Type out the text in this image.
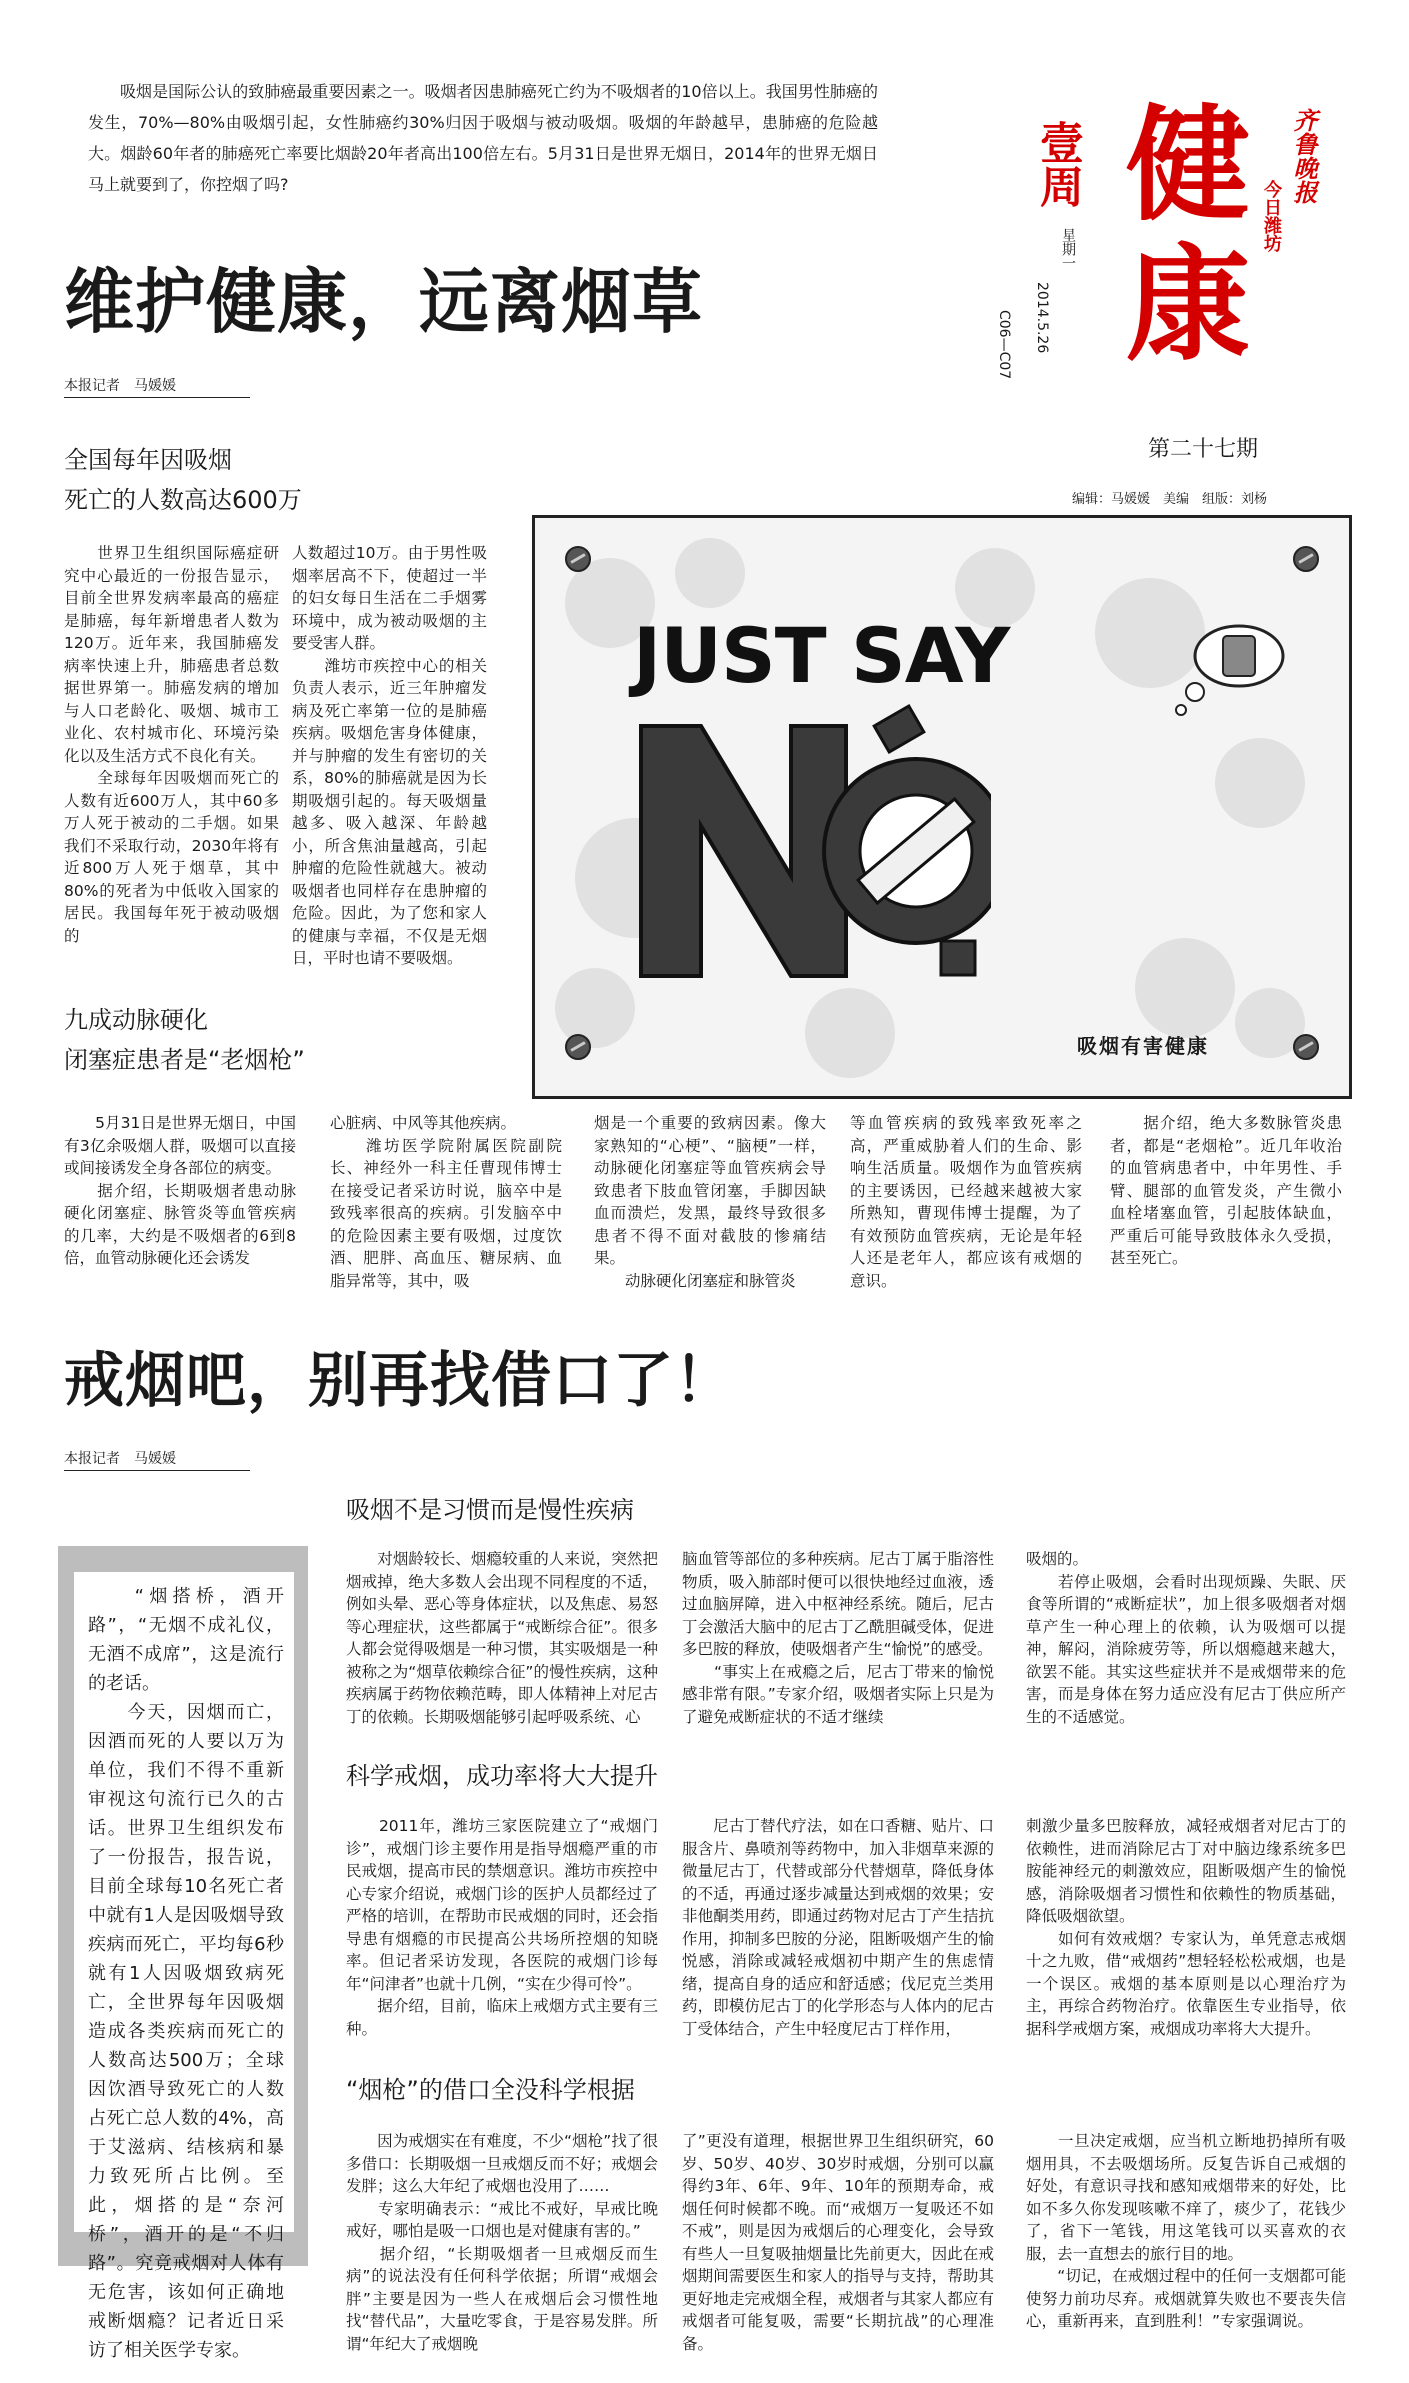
吸烟是国际公认的致肺癌最重要因素之一。吸烟者因患肺癌死亡约为不吸烟者的10倍以上。我国男性肺癌的发生，70%—80%由吸烟引起，女性肺癌约30%归因于吸烟与被动吸烟。吸烟的年龄越早，患肺癌的危险越大。烟龄60年者的肺癌死亡率要比烟龄20年者高出100倍左右。5月31日是世界无烟日，2014年的世界无烟日马上就要到了，你控烟了吗?	壹周
星期一
2014.5.26
C06—C07
健康
齐鲁晚报
今日潍坊
第二十七期
编辑：马媛媛　美编　组版：刘杨
维护健康，远离烟草
本报记者　马媛媛
全国每年因吸烟
死亡的人数高达600万
　　世界卫生组织国际癌症研究中心最近的一份报告显示，目前全世界发病率最高的癌症是肺癌，每年新增患者人数为120万。近年来，我国肺癌发病率快速上升，肺癌患者总数据世界第一。肺癌发病的增加与人口老龄化、吸烟、城市工业化、农村城市化、环境污染化以及生活方式不良化有关。
　　全球每年因吸烟而死亡的人数有近600万人，其中60多万人死于被动的二手烟。如果我们不采取行动，2030年将有近800万人死于烟草，其中80%的死者为中低收入国家的居民。我国每年死于被动吸烟的
人数超过10万。由于男性吸烟率居高不下，使超过一半的妇女每日生活在二手烟雾环境中，成为被动吸烟的主要受害人群。
　　潍坊市疾控中心的相关负责人表示，近三年肿瘤发病及死亡率第一位的是肺癌疾病。吸烟危害身体健康，并与肿瘤的发生有密切的关系，80%的肺癌就是因为长期吸烟引起的。每天吸烟量越多、吸入越深、年龄越小，所含焦油量越高，引起肿瘤的危险性就越大。被动吸烟者也同样存在患肿瘤的危险。因此，为了您和家人的健康与幸福，不仅是无烟日，平时也请不要吸烟。
九成动脉硬化
闭塞症患者是“老烟枪”
　　5月31日是世界无烟日，中国有3亿余吸烟人群，吸烟可以直接或间接诱发全身各部位的病变。
　　据介绍，长期吸烟者患动脉硬化闭塞症、脉管炎等血管疾病的几率，大约是不吸烟者的6到8倍，血管动脉硬化还会诱发
心脏病、中风等其他疾病。
　　潍坊医学院附属医院副院长、神经外一科主任曹现伟博士在接受记者采访时说，脑卒中是致残率很高的疾病。引发脑卒中的危险因素主要有吸烟，过度饮酒、肥胖、高血压、糖尿病、血脂异常等，其中，吸
烟是一个重要的致病因素。像大家熟知的“心梗”、“脑梗”一样，动脉硬化闭塞症等血管疾病会导致患者下肢血管闭塞，手脚因缺血而溃烂，发黑，最终导致很多患者不得不面对截肢的惨痛结果。
　　动脉硬化闭塞症和脉管炎
等血管疾病的致残率致死率之高，严重威胁着人们的生命、影响生活质量。吸烟作为血管疾病的主要诱因，已经越来越被大家所熟知，曹现伟博士提醒，为了有效预防血管疾病，无论是年轻人还是老年人，都应该有戒烟的意识。
　　据介绍，绝大多数脉管炎患者，都是“老烟枪”。近几年收治的血管病患者中，中年男性、手臂、腿部的血管发炎，产生微小血栓堵塞血管，引起肢体缺血，严重后可能导致肢体永久受损，甚至死亡。
JUST SAY
吸烟有害健康
戒烟吧，别再找借口了！
本报记者　马媛媛
　　“烟搭桥，酒开路”，“无烟不成礼仪，无酒不成席”，这是流行的老话。
　　今天，因烟而亡，因酒而死的人要以万为单位，我们不得不重新审视这句流行已久的古话。世界卫生组织发布了一份报告，报告说，目前全球每10名死亡者中就有1人是因吸烟导致疾病而死亡，平均每6秒就有1人因吸烟致病死亡，全世界每年因吸烟造成各类疾病而死亡的人数高达500万；全球因饮酒导致死亡的人数占死亡总人数的4%，高于艾滋病、结核病和暴力致死所占比例。至此，烟搭的是“奈河桥”，酒开的是“不归路”。究竟戒烟对人体有无危害，该如何正确地戒断烟瘾？记者近日采访了相关医学专家。
吸烟不是习惯而是慢性疾病
　　对烟龄较长、烟瘾较重的人来说，突然把烟戒掉，绝大多数人会出现不同程度的不适，例如头晕、恶心等身体症状，以及焦虑、易怒等心理症状，这些都属于“戒断综合征”。很多人都会觉得吸烟是一种习惯，其实吸烟是一种被称之为“烟草依赖综合征”的慢性疾病，这种疾病属于药物依赖范畴，即人体精神上对尼古丁的依赖。长期吸烟能够引起呼吸系统、心
脑血管等部位的多种疾病。尼古丁属于脂溶性物质，吸入肺部时便可以很快地经过血液，透过血脑屏障，进入中枢神经系统。随后，尼古丁会激活大脑中的尼古丁乙酰胆碱受体，促进多巴胺的释放，使吸烟者产生“愉悦”的感受。
　　“事实上在戒瘾之后，尼古丁带来的愉悦感非常有限。”专家介绍，吸烟者实际上只是为了避免戒断症状的不适才继续
吸烟的。
　　若停止吸烟，会看时出现烦躁、失眠、厌食等所谓的“戒断症状”，加上很多吸烟者对烟草产生一种心理上的依赖，认为吸烟可以提神，解闷，消除疲劳等，所以烟瘾越来越大，欲罢不能。其实这些症状并不是戒烟带来的危害，而是身体在努力适应没有尼古丁供应所产生的不适感觉。
科学戒烟，成功率将大大提升
　　2011年，潍坊三家医院建立了“戒烟门诊”，戒烟门诊主要作用是指导烟瘾严重的市民戒烟，提高市民的禁烟意识。潍坊市疾控中心专家介绍说，戒烟门诊的医护人员都经过了严格的培训，在帮助市民戒烟的同时，还会指导患有烟瘾的市民提高公共场所控烟的知晓率。但记者采访发现，各医院的戒烟门诊每年“问津者”也就十几例，“实在少得可怜”。
　　据介绍，目前，临床上戒烟方式主要有三种。
　　尼古丁替代疗法，如在口香糖、贴片、口服含片、鼻喷剂等药物中，加入非烟草来源的微量尼古丁，代替或部分代替烟草，降低身体的不适，再通过逐步减量达到戒烟的效果；安非他酮类用药，即通过药物对尼古丁产生拮抗作用，抑制多巴胺的分泌，阻断吸烟产生的愉悦感，消除或减轻戒烟初中期产生的焦虑情绪，提高自身的适应和舒适感；伐尼克兰类用药，即模仿尼古丁的化学形态与人体内的尼古丁受体结合，产生中轻度尼古丁样作用，
刺激少量多巴胺释放，减轻戒烟者对尼古丁的依赖性，进而消除尼古丁对中脑边缘系统多巴胺能神经元的刺激效应，阻断吸烟产生的愉悦感，消除吸烟者习惯性和依赖性的物质基础，降低吸烟欲望。
　　如何有效戒烟？专家认为，单凭意志戒烟十之九败，借“戒烟药”想轻轻松松戒烟，也是一个误区。戒烟的基本原则是以心理治疗为主，再综合药物治疗。依靠医生专业指导，依据科学戒烟方案，戒烟成功率将大大提升。
“烟枪”的借口全没科学根据
　　因为戒烟实在有难度，不少“烟枪”找了很多借口：长期吸烟一旦戒烟反而不好；戒烟会发胖；这么大年纪了戒烟也没用了……
　　专家明确表示：“戒比不戒好，早戒比晚戒好，哪怕是吸一口烟也是对健康有害的。”
　　据介绍，“长期吸烟者一旦戒烟反而生病”的说法没有任何科学依据；所谓“戒烟会胖”主要是因为一些人在戒烟后会习惯性地找“替代品”，大量吃零食，于是容易发胖。所谓“年纪大了戒烟晚
了”更没有道理，根据世界卫生组织研究，60岁、50岁、40岁、30岁时戒烟，分别可以赢得约3年、6年、9年、10年的预期寿命，戒烟任何时候都不晚。而“戒烟万一复吸还不如不戒”，则是因为戒烟后的心理变化，会导致有些人一旦复吸抽烟量比先前更大，因此在戒烟期间需要医生和家人的指导与支持，帮助其更好地走完戒烟全程，戒烟者与其家人都应有戒烟者可能复吸，需要“长期抗战”的心理准备。
　　一旦决定戒烟，应当机立断地扔掉所有吸烟用具，不去吸烟场所。反复告诉自己戒烟的好处，有意识寻找和感知戒烟带来的好处，比如不多久你发现咳嗽不痒了，痰少了，花钱少了，省下一笔钱，用这笔钱可以买喜欢的衣服，去一直想去的旅行目的地。
　　“切记，在戒烟过程中的任何一支烟都可能使努力前功尽弃。戒烟就算失败也不要丧失信心，重新再来，直到胜利！”专家强调说。
